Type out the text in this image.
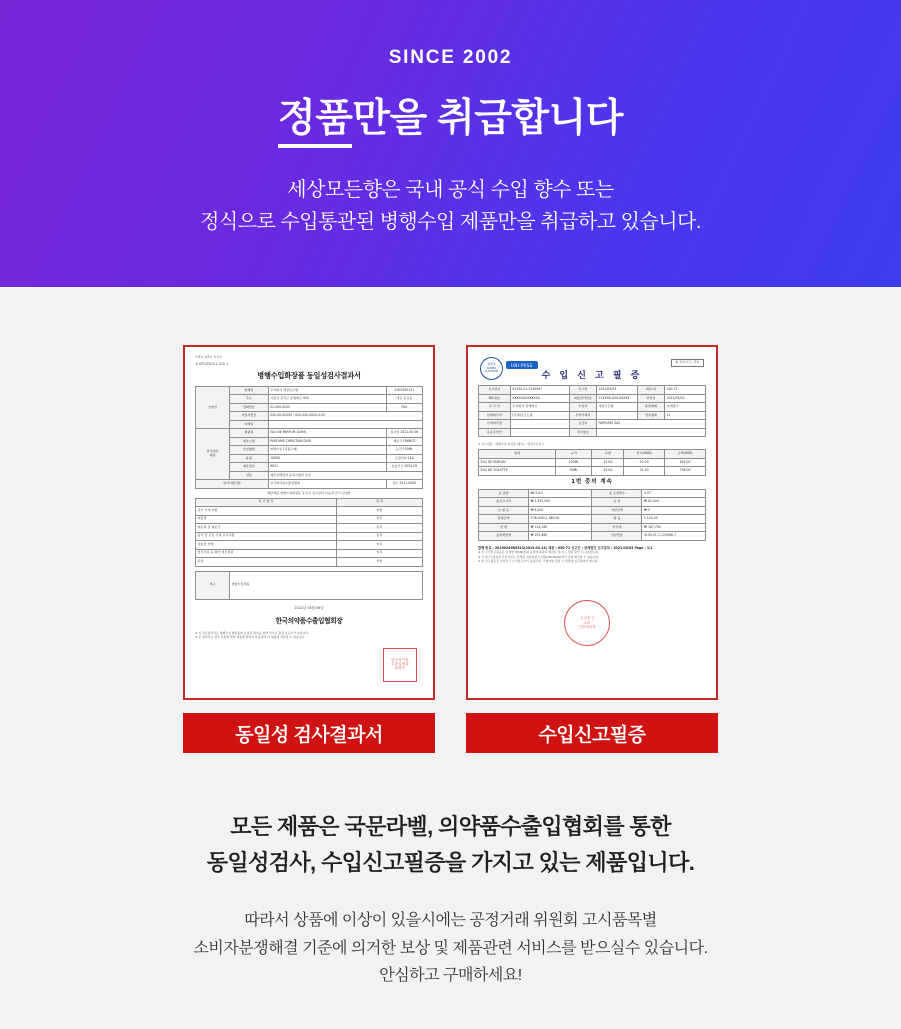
SINCE 2002
정품만을 취급합니다
세상모든향은 국내 공식 수입 향수 또는
정식으로 수입통관된 병행수입 제품만을 취급하고 있습니다.
<별지 제3호 서식>
제 KP140025-1-018 호
병행수입화장품 동일성검사결과서
신청인	업체명	주식회사 세상모든향	2002050101
	주소	서울시 강서구 공항대로 000	대표 홍길동
	전화번호	02-000-0000	FAX
	사업자번호	000-00-00000 / 000-000-0000-0-00	
	이메일		
검사대상
제품	제품명	EAU DE PARFUM 100ML	검사일 2021-05-06
	제조사명	PARFUMS CHRISTIAN DIOR	제조국 FRANCE
	수입형태	병행수입 (직접구매)	규격 100ML
	용량	100ML	포장단위 1EA
	제조번호	9K01	유효기간 2024-05
	성분	제조판매업자 등록사항과 동일	
검사시험기관		한국의약품수출입협회	접수 2021-0000
해당제품 병행수입화장품 동일성 검사결과 다음과 같이 판정함
검 사 항 목	결 과
표시 기재 사항	적합
제품명	일치
제조원 및 제조국	일치
용기 및 포장 기재 표시사항	일치
내용물 상태	일치
첨부서류 등 확인 대조결과	일치
판정	적합
비고	병행수입제품
2021년 05월 06일
한국의약품수출입협회장
※ 이 검사결과서는 병행수입 화장품의 동일성 확인을 위한 것으로 품질 보증서가 아닙니다.
※ 본 결과서는 검사 신청한 해당 제품에 한하여 유효하며 타 제품에 적용할 수 없습니다.
한국의약품
수출입협회
회장인
동일성 검사결과서
관세청
KOREA
CUSTOMS
UNI-PASS
※ 처리기간 : 3일
수 입 신 고 필 증
신고번호	41234-21-1234567	신고일	2021/05/03	세관.과	030-71
B/L번호	XXXXXXXXXXXXX	화물관리번호	21XXXX-XXX-XXXXX	반입일	2021/05/02
신 고 인	주식회사 관세법인	수입자	세상모든향	통관계획	보세창고
납세의무자	(주)세상모든향	무역거래처		징수형태	11
무역대리점		공급자	PARFUMS SAS		
운송주선인		검사장소			
※ 신고내용 : 병행수입 화장품 (향수) - 일반수입신고
품명	규격	수량	단가(USD)	금액(USD)
EAU DE PARFUM	100ML	12 EA	52.00	624.00
EAU DE TOILETTE	50ML	24 EA	31.50	756.00
1번 중의 계속
총 중량	86.5 KG	총 포장갯수	4 GT
총신고가격	₩ 1,552,000	운 임	₩ 82,000
보 험 료	₩ 6,200	가산금액	₩ 0
결제금액	FOB-USD-1,380.00	환 율	1,124.50
관 세	₩ 124,160	부가세	₩ 167,700
총세액합계	₩ 291,860	납부번호	0130-21-1-123456-7
발행 번호 : 20190249R5513(2019.03.14) 세관 : 030-71 신고인 : 관세법인 신고일자 : 2021/05/03 Page : 1/1
※ 본 수입신고필증은 관세법 제248조의 규정에 의하여 발급된 것으로, 세관 확인 후 유효합니다.
※ 수입신고필증의 진위여부는 관세청 전자통관시스템(UNI-PASS)에서 조회 확인할 수 있습니다.
※ 본 신고필증은 수입신고 수리일로부터 유효하며, 기재사항 정정 시 세관에 신고하여야 합니다.
수입신고
수리
인천세관장
수입신고필증
모든 제품은 국문라벨, 의약품수출입협회를 통한
동일성검사, 수입신고필증을 가지고 있는 제품입니다.
따라서 상품에 이상이 있을시에는 공정거래 위원회 고시품목별
소비자분쟁해결 기준에 의거한 보상 및 제품관련 서비스를 받으실수 있습니다.
안심하고 구매하세요!
